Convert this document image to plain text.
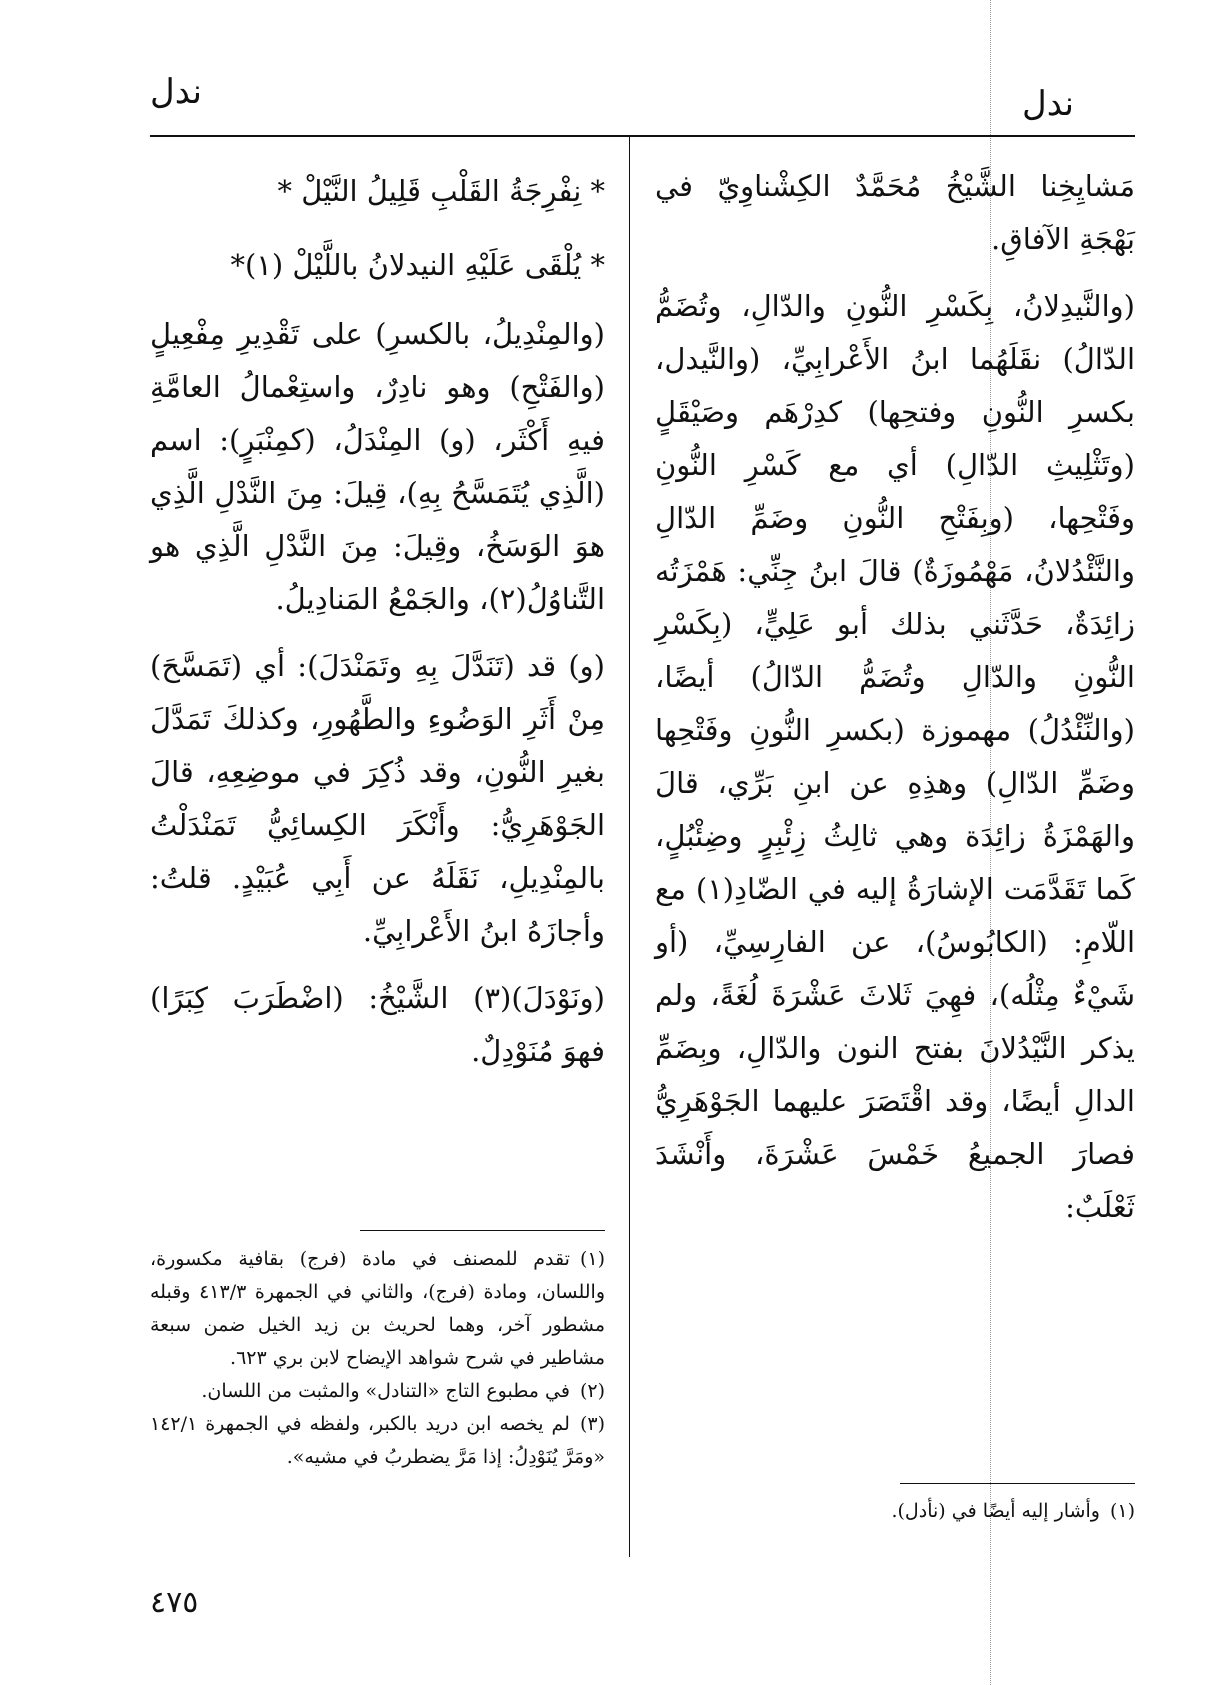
ندل
ندل

مَشايِخِنا الشَّيْخُ مُحَمَّدٌ الكِشْناوِيّ في بَهْجَةِ الآفاقِ.

(والنَّيدِلانُ، بِكَسْرِ النُّونِ والدّالِ، وتُضَمُّ الدّالُ) نقَلَهُما ابنُ الأَعْرابِيِّ، (والنَّيدل، بكسرِ النُّونِ وفتحِها) كدِرْهَم وصَيْقَلٍ (وتَثْلِيثِ الدّالِ) أي مع كَسْرِ النُّونِ وفَتْحِها، (وبِفَتْحِ النُّونِ وضَمِّ الدّالِ والنَّئْدُلانُ، مَهْمُوزَةٌ) قالَ ابنُ جِنِّي: هَمْزَتُه زائِدَةٌ، حَدَّثَني بذلك أبو عَلِيٍّ، (بِكَسْرِ النُّونِ والدّالِ وتُضَمُّ الدّالُ) أيضًا، (والنِّئْدُلُ) مهموزة (بكسرِ النُّونِ وفَتْحِها وضَمِّ الدّالِ) وهذِهِ عن ابنِ بَرِّي، قالَ والهَمْزَةُ زائِدَة وهي ثالِثُ زِئْبِرٍ وضِئْبُلٍ، كَما تَقَدَّمَت الإشارَةُ إليه في الضّادِ(١) مع اللّامِ: (الكابُوسُ)، عن الفارِسِيِّ، (أو شَيْءٌ مِثْلُه)، فهِيَ ثَلاثَ عَشْرَةَ لُغَةً، ولم يذكر النَّيْدُلانَ بفتح النون والدّالِ، وبِضَمِّ الدالِ أيضًا، وقد اقْتَصَرَ عليهما الجَوْهَرِيُّ فصارَ الجميعُ خَمْسَ عَشْرَةَ، وأَنْشَدَ ثَعْلَبٌ:

* نِفْرِجَةُ القَلْبِ قَلِيلُ النَّيْلْ *
* يُلْقَى عَلَيْهِ النيدلانُ باللَّيْلْ (١)*

(والمِنْدِيلُ، بالكسرِ) على تَقْدِيرِ مِفْعِيلٍ (والفَتْحِ) وهو نادِرٌ، واستِعْمالُ العامَّةِ فيهِ أَكْثَر، (و) المِنْدَلُ، (كمِنْبَرٍ): اسم (الَّذِي يُتَمَسَّحُ بِهِ)، قِيلَ: مِنَ النَّدْلِ الَّذِي هوَ الوَسَخُ، وقِيلَ: مِنَ النَّدْلِ الَّذِي هو التَّناوُلُ(٢)، والجَمْعُ المَنادِيلُ.

(و) قد (تَنَدَّلَ بِهِ وتَمَنْدَلَ): أي (تَمَسَّحَ) مِنْ أَثَرِ الوَضُوءِ والطَّهُورِ، وكذلكَ تَمَدَّلَ بغيرِ النُّونِ، وقد ذُكِرَ في موضِعِهِ، قالَ الجَوْهَرِيُّ: وأَنْكَرَ الكِسائِيُّ تَمَنْدَلْتُ بالمِنْدِيلِ، نَقَلَهُ عن أَبِي عُبَيْدٍ. قلتُ: وأجازَهُ ابنُ الأَعْرابِيِّ.

(ونَوْدَلَ)(٣) الشَّيْخُ: (اضْطَرَبَ كِبَرًا) فهوَ مُنَوْدِلٌ.

(١)تقدم للمصنف في مادة (فرج) بقافية مكسورة، واللسان، ومادة (فرج)، والثاني في الجمهرة ٤١٣/٣ وقبله مشطور آخر، وهما لحريث بن زيد الخيل ضمن سبعة مشاطير في شرح شواهد الإيضاح لابن بري ٦٢٣.

(٢)في مطبوع التاج «التنادل» والمثبت من اللسان.

(٣)لم يخصه ابن دريد بالكبر، ولفظه في الجمهرة ١٤٢/١ «ومَرَّ يُنَوْدِلُ: إذا مَرَّ يضطربُ في مشيه».

(١)وأشار إليه أيضًا في (نأدل).

٤٧٥
